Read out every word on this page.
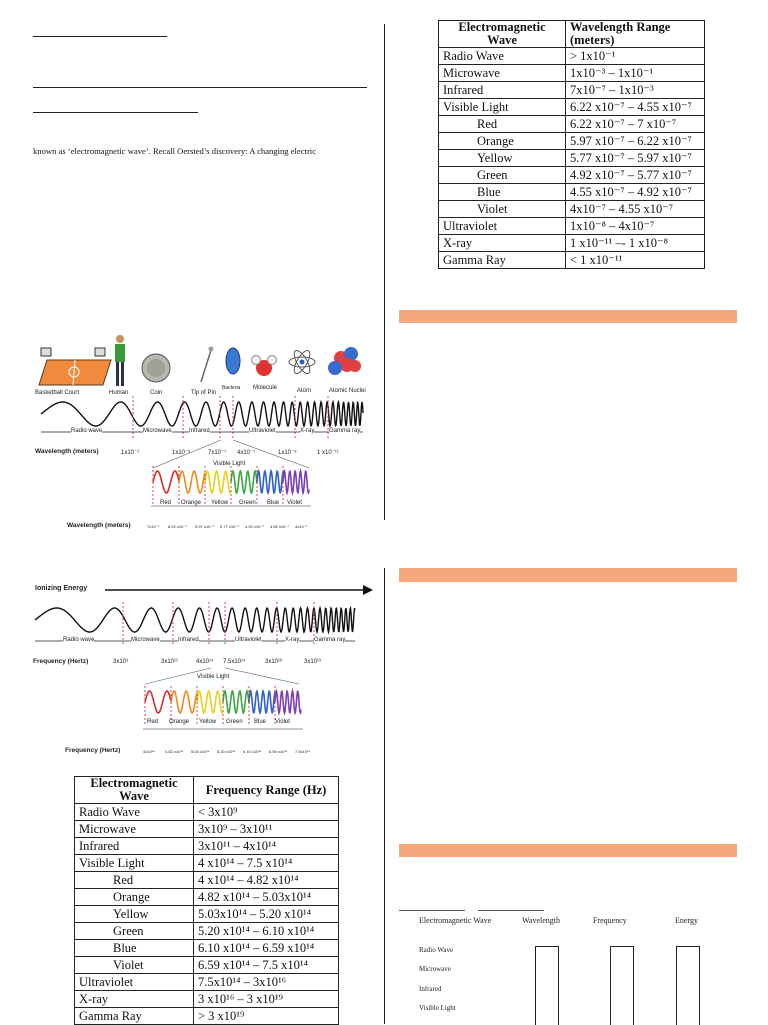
known as ‘electromagnetic wave’. Recall Oersted’s discovery: A changing electric
Basketball Court	Human	Coin	Tip of Pin
Bacteria Molecule	Atom	Atomic Nuclei
Radio wave	Microwave	Infrared	Ultraviolet	X-ray Gamma ray
Wavelength (meters)	1x10⁻¹	1x10⁻³	7x10⁻⁷ 4x10⁻⁷	1x10⁻⁸	1 x10⁻¹¹
Visible Light
Red Orange Yellow Green Blue Violet
Wavelength (meters)	7x10⁻⁷ 6.22 x10⁻⁷ 5.97 x10⁻⁷ 5.77 x10⁻⁷ 4.92 x10⁻⁷ 4.55 x10⁻⁷ 4x10⁻⁷
Electromagnetic Wave	Wavelength Range (meters)
Radio Wave	> 1x10⁻¹
Microwave	1x10⁻³ – 1x10⁻¹
Infrared	7x10⁻⁷ – 1x10⁻³
Visible Light	6.22 x10⁻⁷ – 4.55 x10⁻⁷
Red	6.22 x10⁻⁷ – 7 x10⁻⁷
Orange	5.97 x10⁻⁷ – 6.22 x10⁻⁷
Yellow	5.77 x10⁻⁷ – 5.97 x10⁻⁷
Green	4.92 x10⁻⁷ – 5.77 x10⁻⁷
Blue	4.55 x10⁻⁷ – 4.92 x10⁻⁷
Violet	4x10⁻⁷ – 4.55 x10⁻⁷
Ultraviolet	1x10⁻⁸ – 4x10⁻⁷
X-ray	1 x10⁻¹¹ –- 1 x10⁻⁸
Gamma Ray	< 1 x10⁻¹¹
Ionizing Energy
Radio wave	Microwave	Infrared	Ultraviolet	X-ray Gamma ray
Frequency (Hertz)	3x10⁹	3x10¹¹	4x10¹⁴ 7.5x10¹⁴	3x10¹⁶	3x10¹⁹
Visible Light
Red Orange Yellow Green Blue Violet
Frequency (Hertz)	4x10¹⁴	4.82 x10¹⁴ 5.03 x10¹⁴ 5.20 x10¹⁴ 6.10 x10¹⁴ 6.59 x10¹⁴ 7.5x10¹⁴
Electromagnetic Wave	Frequency Range (Hz)
Radio Wave	< 3x10⁹
Microwave	3x10⁹ – 3x10¹¹
Infrared	3x10¹¹ – 4x10¹⁴
Visible Light	4 x10¹⁴ – 7.5 x10¹⁴
Red	4 x10¹⁴ – 4.82 x10¹⁴
Orange	4.82 x10¹⁴ – 5.03x10¹⁴
Yellow	5.03x10¹⁴ – 5.20 x10¹⁴
Green	5.20 x10¹⁴ – 6.10 x10¹⁴
Blue	6.10 x10¹⁴ – 6.59 x10¹⁴
Violet	6.59 x10¹⁴ – 7.5 x10¹⁴
Ultraviolet	7.5x10¹⁴ – 3x10¹⁶
X-ray	3 x10¹⁶ – 3 x10¹⁹
Gamma Ray	> 3 x10¹⁹
Electromagnetic Wave	Wavelength	Frequency	Energy
Radio Wave
Microwave
Infrared
Visible Light
